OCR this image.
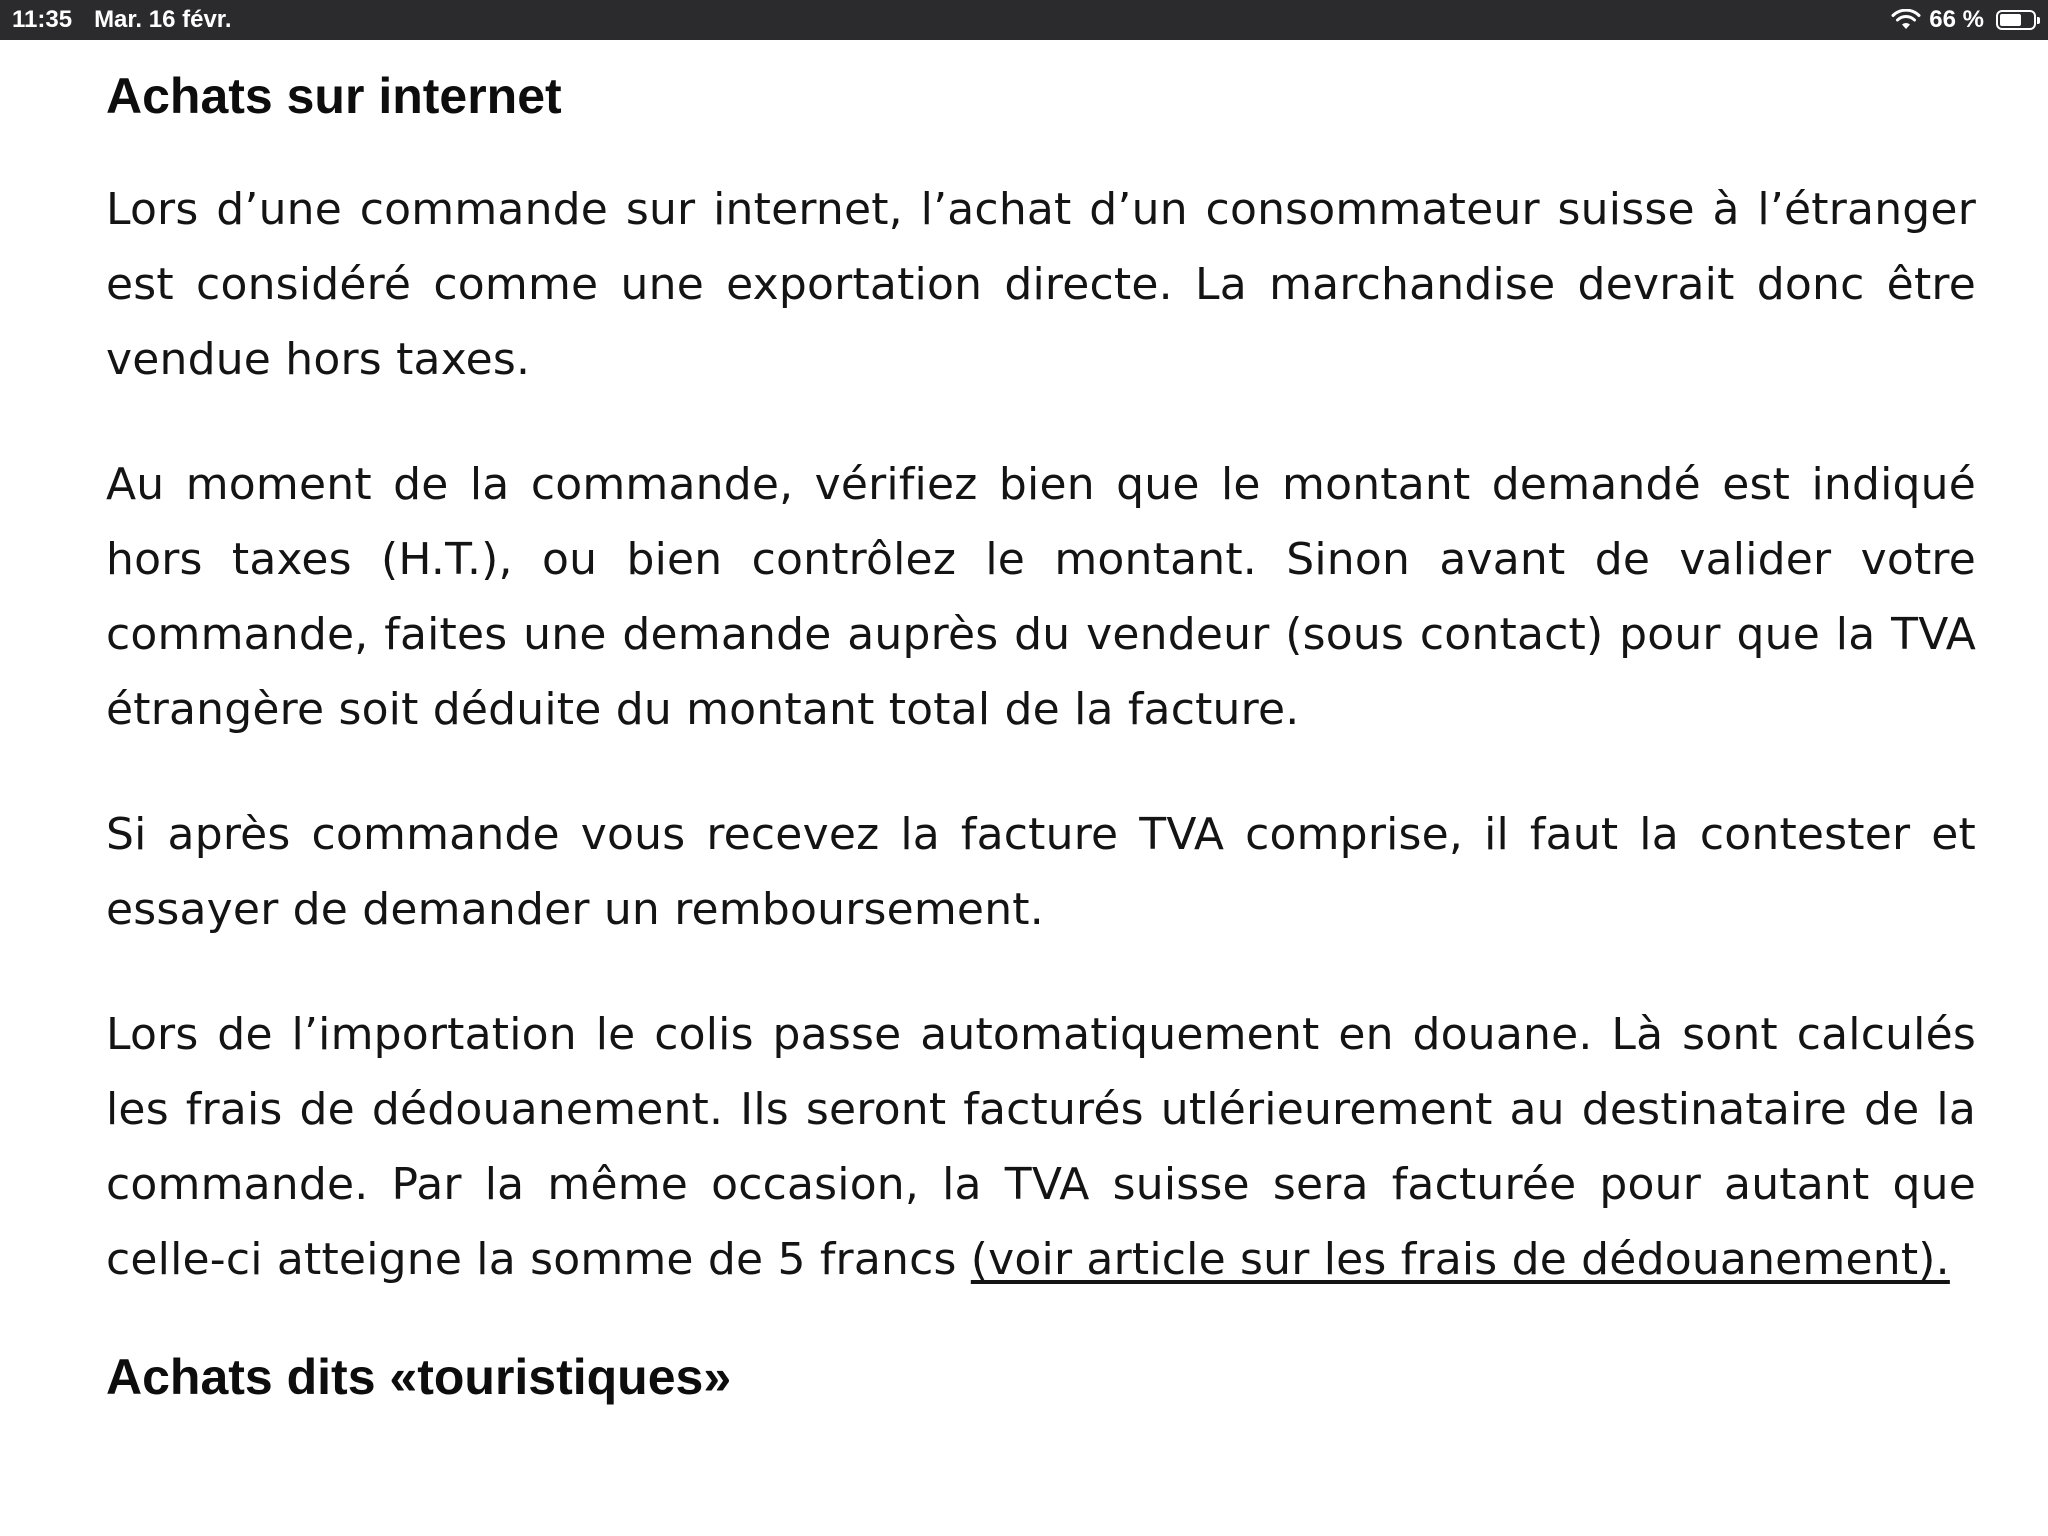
11:35 Mar. 16 févr.	66 %
Achats sur internet

Lors d’une commande sur internet, l’achat d’un consommateur suisse à l’étranger est considéré comme une exportation directe. La marchandise devrait donc être vendue hors taxes.

Au moment de la commande, vérifiez bien que le montant demandé est indiqué hors taxes (H.T.), ou bien contrôlez le montant. Sinon avant de valider votre commande, faites une demande auprès du vendeur (sous contact) pour que la TVA étrangère soit déduite du montant total de la facture.

Si après commande vous recevez la facture TVA comprise, il faut la contester et essayer de demander un remboursement.

Lors de l’importation le colis passe automatiquement en douane. Là sont calculés les frais de dédouanement. Ils seront facturés utlérieurement au destinataire de la commande. Par la même occasion, la TVA suisse sera facturée pour autant que celle-ci atteigne la somme de 5 francs (voir article sur les frais de dédouanement).

Achats dits «touristiques»
